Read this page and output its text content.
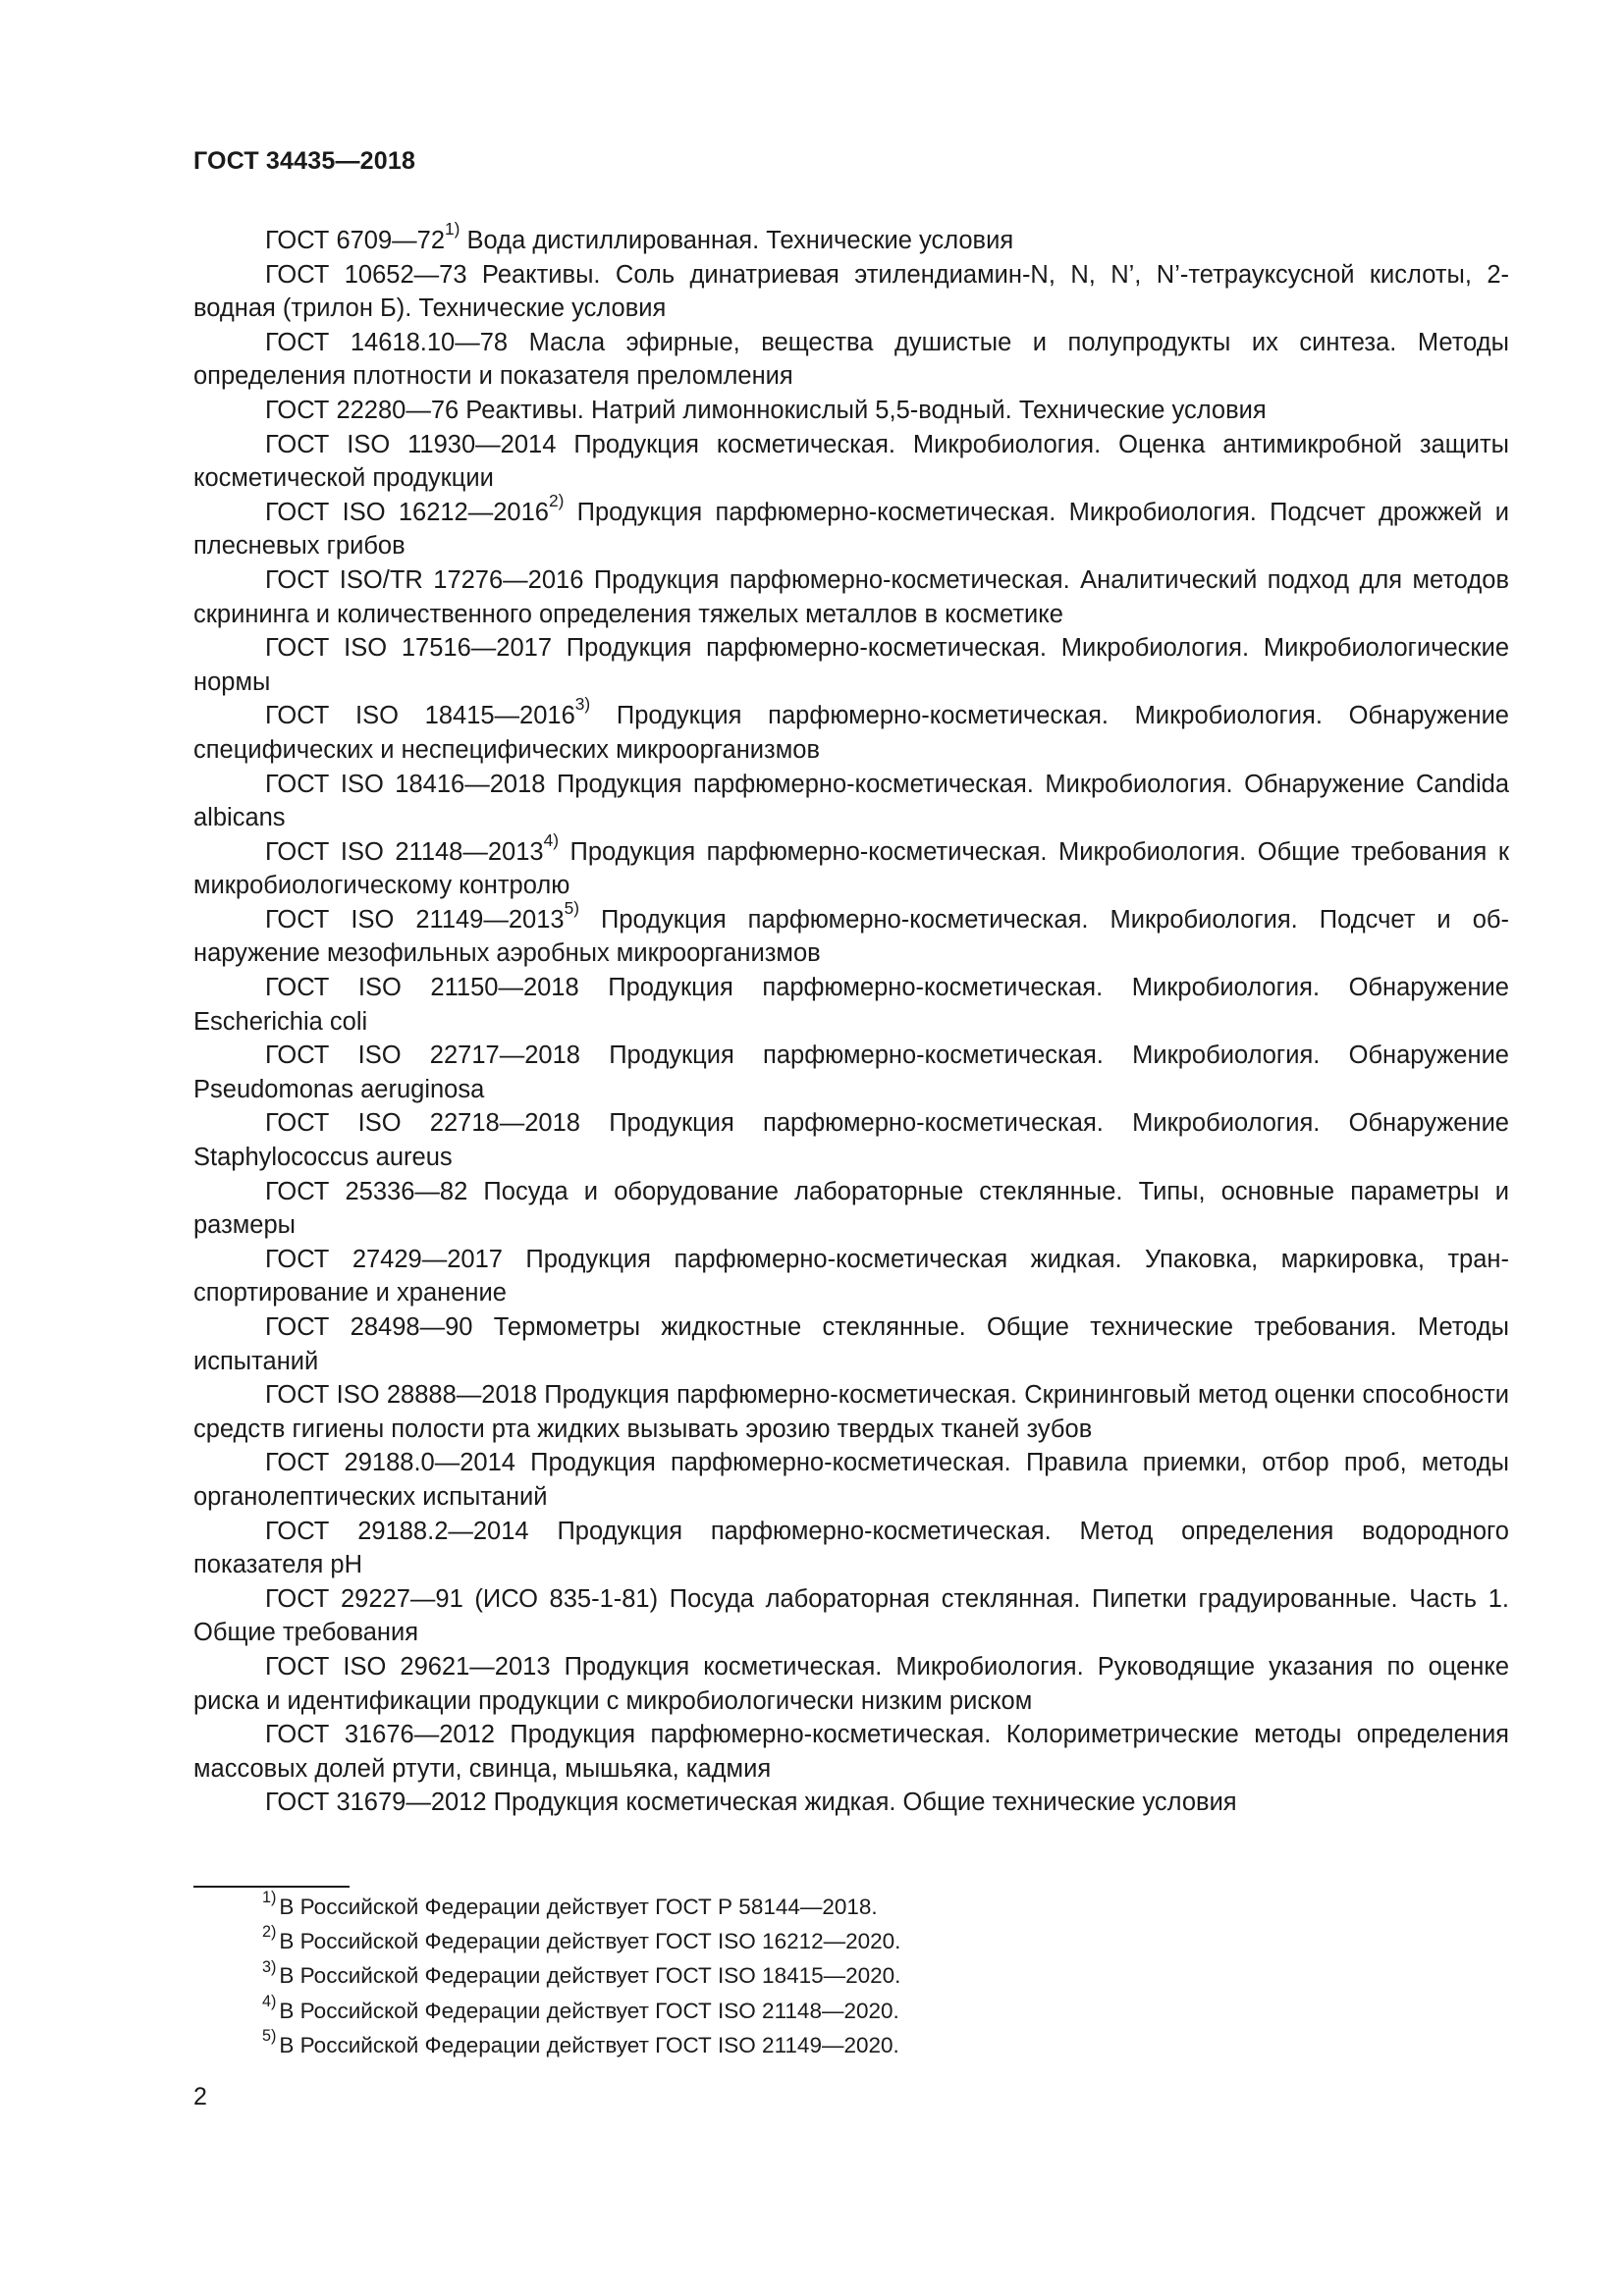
ГОСТ 34435—2018

ГОСТ 6709—72$^{1)}$ Вода дистиллированная. Технические условия

ГОСТ 10652—73 Реактивы. Соль динатриевая этилендиамин-N, N, N’, N’-тетрауксусной кислоты, 2-водная (трилон Б). Технические условия

ГОСТ 14618.10—78 Масла эфирные, вещества душистые и полупродукты их синтеза. Методы определения плотности и показателя преломления

ГОСТ 22280—76 Реактивы. Натрий лимоннокислый 5,5-водный. Технические условия

ГОСТ ISO 11930—2014 Продукция косметическая. Микробиология. Оценка антимикробной защиты косметической продукции

ГОСТ ISO 16212—2016$^{2)}$ Продукция парфюмерно-косметическая. Микробиология. Подсчет дрожжей и плесневых грибов

ГОСТ ISO/TR 17276—2016 Продукция парфюмерно-косметическая. Аналитический подход для методов скрининга и количественного определения тяжелых металлов в косметике

ГОСТ ISO 17516—2017 Продукция парфюмерно-косметическая. Микробиология. Микробиологические нормы

ГОСТ ISO 18415—2016$^{3)}$ Продукция парфюмерно-косметическая. Микробиология. Обнаружение специфических и неспецифических микроорганизмов

ГОСТ ISO 18416—2018 Продукция парфюмерно-косметическая. Микробиология. Обнаружение Candida albicans

ГОСТ ISO 21148—2013$^{4)}$ Продукция парфюмерно-косметическая. Микробиология. Общие требования к микробиологическому контролю

ГОСТ ISO 21149—2013$^{5)}$ Продукция парфюмерно-косметическая. Микробиология. Подсчет и обнаружение мезофильных аэробных микроорганизмов

ГОСТ ISO 21150—2018 Продукция парфюмерно-косметическая. Микробиология. Обнаружение Escherichia coli

ГОСТ ISO 22717—2018 Продукция парфюмерно-косметическая. Микробиология. Обнаружение Pseudomonas aeruginosa

ГОСТ ISO 22718—2018 Продукция парфюмерно-косметическая. Микробиология. Обнаружение Staphylococcus aureus

ГОСТ 25336—82 Посуда и оборудование лабораторные стеклянные. Типы, основные параметры и размеры

ГОСТ 27429—2017 Продукция парфюмерно-косметическая жидкая. Упаковка, маркировка, транспортирование и хранение

ГОСТ 28498—90 Термометры жидкостные стеклянные. Общие технические требования. Методы испытаний

ГОСТ ISO 28888—2018 Продукция парфюмерно-косметическая. Скрининговый метод оценки способности средств гигиены полости рта жидких вызывать эрозию твердых тканей зубов

ГОСТ 29188.0—2014 Продукция парфюмерно-косметическая. Правила приемки, отбор проб, методы органолептических испытаний

ГОСТ 29188.2—2014 Продукция парфюмерно-косметическая. Метод определения водородного показателя pH

ГОСТ 29227—91 (ИСО 835-1-81) Посуда лабораторная стеклянная. Пипетки градуированные. Часть 1. Общие требования

ГОСТ ISO 29621—2013 Продукция косметическая. Микробиология. Руководящие указания по оценке риска и идентификации продукции с микробиологически низким риском

ГОСТ 31676—2012 Продукция парфюмерно-косметическая. Колориметрические методы определения массовых долей ртути, свинца, мышьяка, кадмия

ГОСТ 31679—2012 Продукция косметическая жидкая. Общие технические условия

$^{1)}$ В Российской Федерации действует ГОСТ Р 58144—2018.

$^{2)}$ В Российской Федерации действует ГОСТ ISO 16212—2020.

$^{3)}$ В Российской Федерации действует ГОСТ ISO 18415—2020.

$^{4)}$ В Российской Федерации действует ГОСТ ISO 21148—2020.

$^{5)}$ В Российской Федерации действует ГОСТ ISO 21149—2020.

2
